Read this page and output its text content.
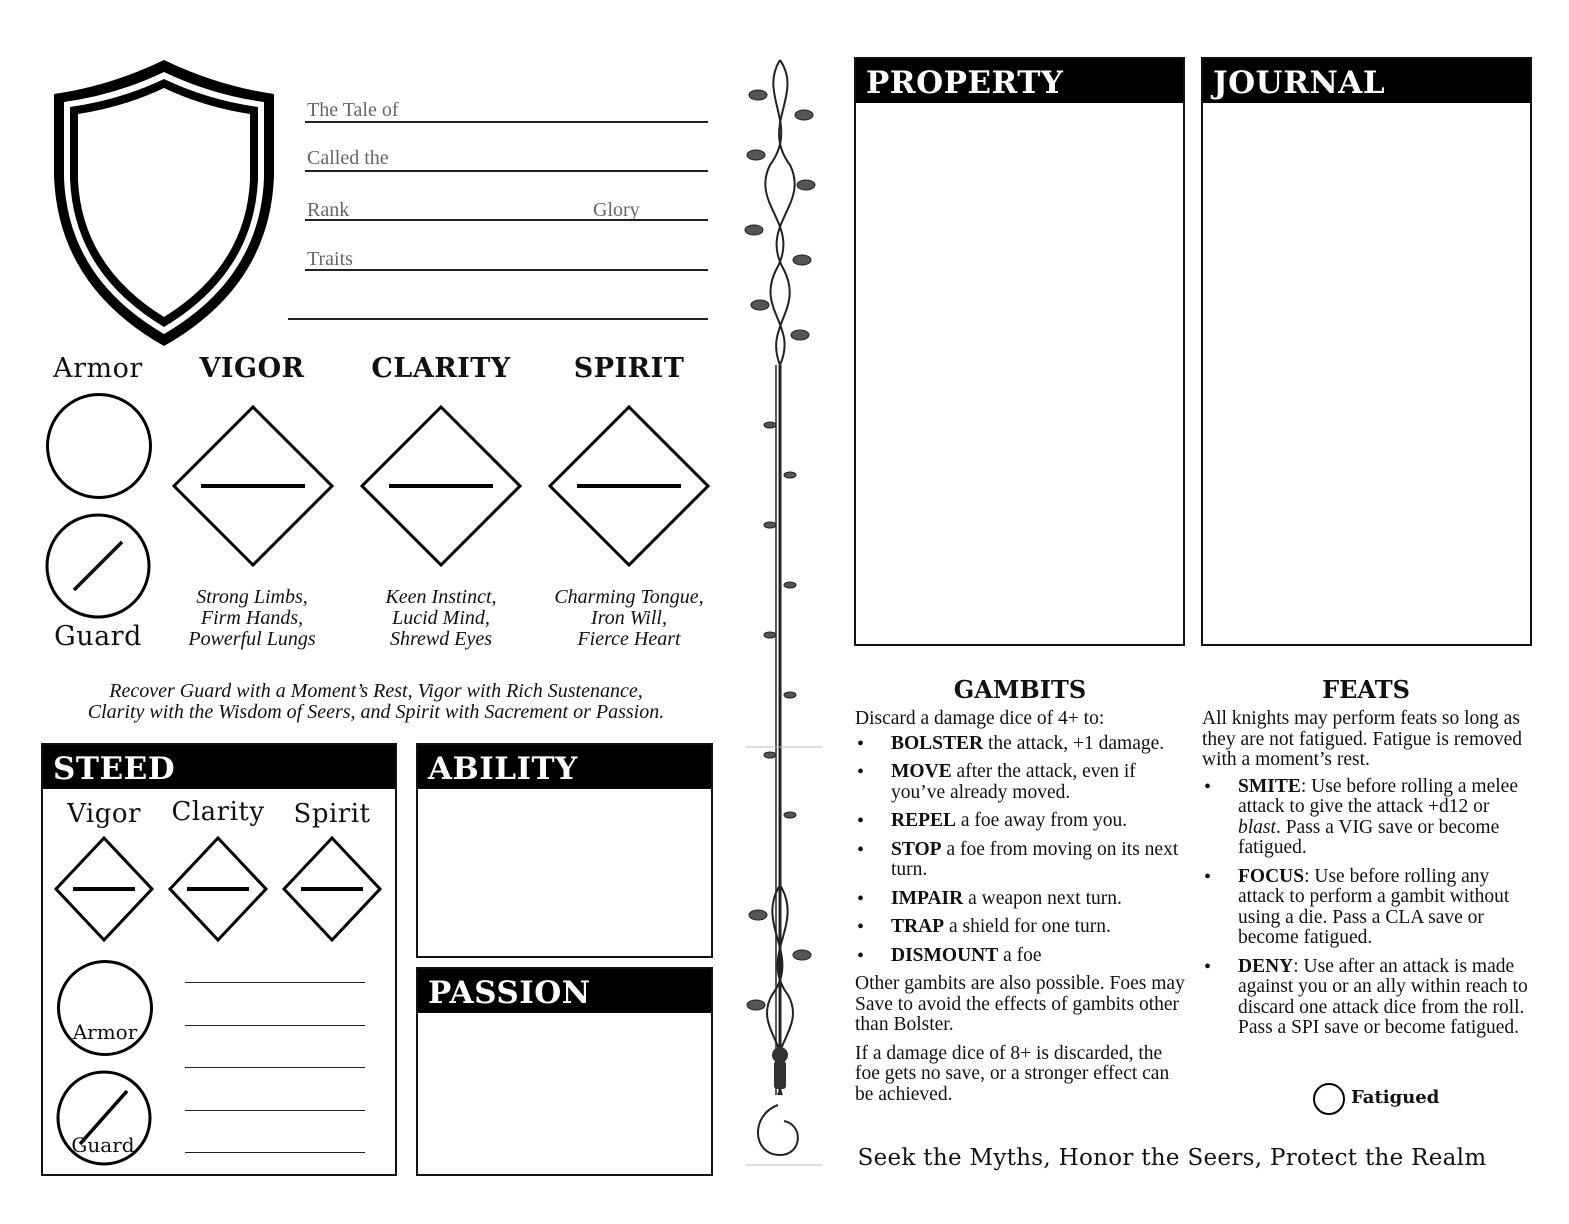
The Tale of
Called the
Rank	Glory
Traits
Armor
Guard
VIGOR	CLARITY	SPIRIT
Strong Limbs,
Firm Hands,
Powerful Lungs
Keen Instinct,
Lucid Mind,
Shrewd Eyes
Charming Tongue,
Iron Will,
Fierce Heart
Recover Guard with a Moment’s Rest, Vigor with Rich Sustenance,
Clarity with the Wisdom of Seers, and Spirit with Sacrement or Passion.
STEED
Vigor	Clarity	Spirit
Armor
Guard
ABILITY
PASSION
PROPERTY	JOURNAL
GAMBITS

Discard a damage dice of 4+ to:

• BOLSTER the attack, +1 damage.
• MOVE after the attack, even if you’ve already moved.
• REPEL a foe away from you.
• STOP a foe from moving on its next turn.
• IMPAIR a weapon next turn.
• TRAP a shield for one turn.
• DISMOUNT a foe

Other gambits are also possible. Foes may Save to avoid the effects of gambits other than Bolster.

If a damage dice of 8+ is discarded, the foe gets no save, or a stronger effect can be achieved.

FEATS

All knights may perform feats so long as they are not fatigued. Fatigue is removed with a moment’s rest.

• SMITE: Use before rolling a melee attack to give the attack +d12 or blast. Pass a VIG save or become fatigued.
• FOCUS: Use before rolling any attack to perform a gambit without using a die. Pass a CLA save or become fatigued.
• DENY: Use after an attack is made against you or an ally within reach to discard one attack dice from the roll. Pass a SPI save or become fatigued.
Fatigued
Seek the Myths, Honor the Seers, Protect the Realm
